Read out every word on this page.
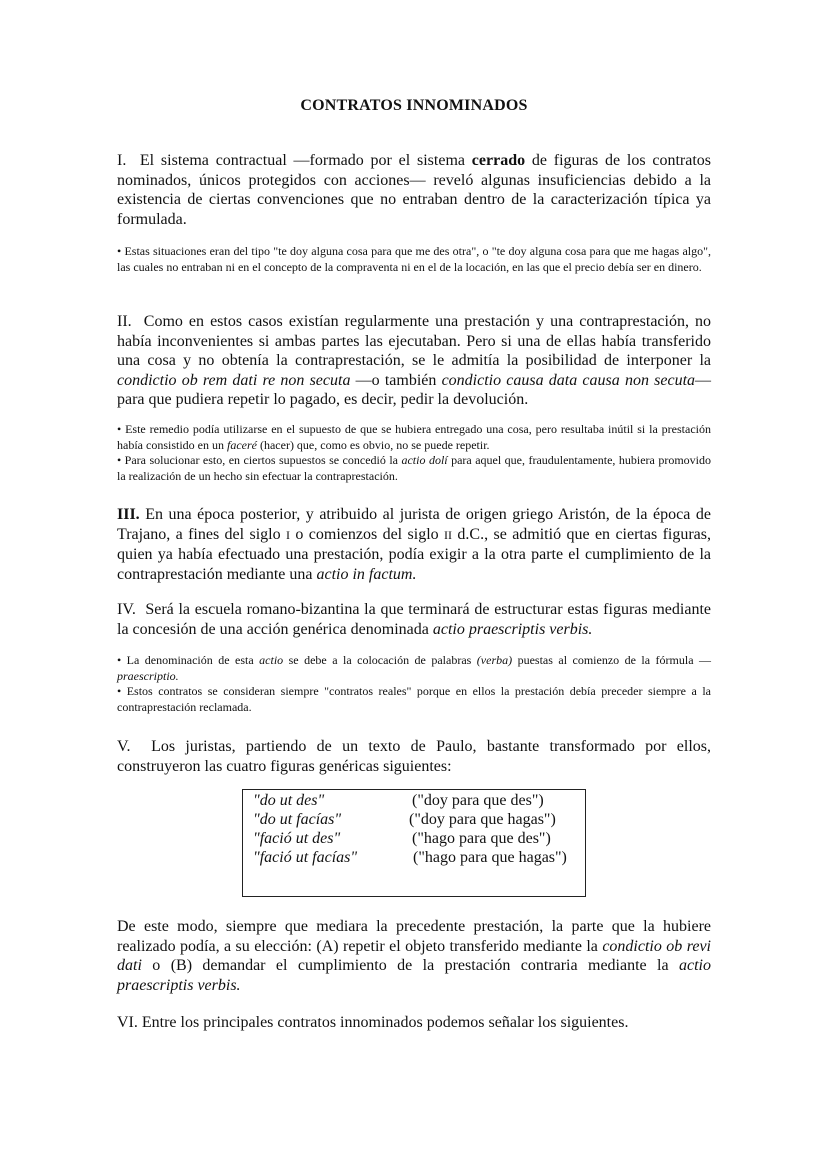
CONTRATOS INNOMINADOS

I. El sistema contractual —formado por el sistema cerrado de figuras de los contratos nominados, únicos protegidos con acciones— reveló algunas insuficiencias debido a la existencia de ciertas convenciones que no entraban dentro de la caracterización típica ya formulada.

• Estas situaciones eran del tipo "te doy alguna cosa para que me des otra", o "te doy alguna cosa para que me hagas algo", las cuales no entraban ni en el concepto de la compraventa ni en el de la locación, en las que el precio debía ser en dinero.

II. Como en estos casos existían regularmente una prestación y una contraprestación, no había inconvenientes si ambas partes las ejecutaban. Pero si una de ellas había transferido una cosa y no obtenía la contraprestación, se le admitía la posibilidad de interponer la condictio ob rem dati re non secuta —o también condictio causa data causa non secuta— para que pudiera repetir lo pagado, es decir, pedir la devolución.

• Este remedio podía utilizarse en el supuesto de que se hubiera entregado una cosa, pero resultaba inútil si la prestación había consistido en un faceré (hacer) que, como es obvio, no se puede repetir.

• Para solucionar esto, en ciertos supuestos se concedió la actio dolí para aquel que, fraudulentamente, hubiera promovido la realización de un hecho sin efectuar la contraprestación.

III. En una época posterior, y atribuido al jurista de origen griego Aristón, de la época de Trajano, a fines del siglo I o comienzos del siglo II d.C., se admitió que en ciertas figuras, quien ya había efectuado una prestación, podía exigir a la otra parte el cumplimiento de la contraprestación mediante una actio in factum.

IV. Será la escuela romano-bizantina la que terminará de estructurar estas figuras mediante la concesión de una acción genérica denominada actio praescriptis verbis.

• La denominación de esta actio se debe a la colocación de palabras (verba) puestas al comienzo de la fórmula —praescriptio.

• Estos contratos se consideran siempre "contratos reales" porque en ellos la prestación debía preceder siempre a la contraprestación reclamada.

V. Los juristas, partiendo de un texto de Paulo, bastante transformado por ellos, construyeron las cuatro figuras genéricas siguientes:

"do ut des"	("doy para que des")
"do ut facías"	("doy para que hagas")
"fació ut des"	("hago para que des")
"fació ut facías"	("hago para que hagas")

De este modo, siempre que mediara la precedente prestación, la parte que la hubiere realizado podía, a su elección: (A) repetir el objeto transferido mediante la condictio ob revi dati o (B) demandar el cumplimiento de la prestación contraria mediante la actio praescriptis verbis.

VI. Entre los principales contratos innominados podemos señalar los siguientes.
